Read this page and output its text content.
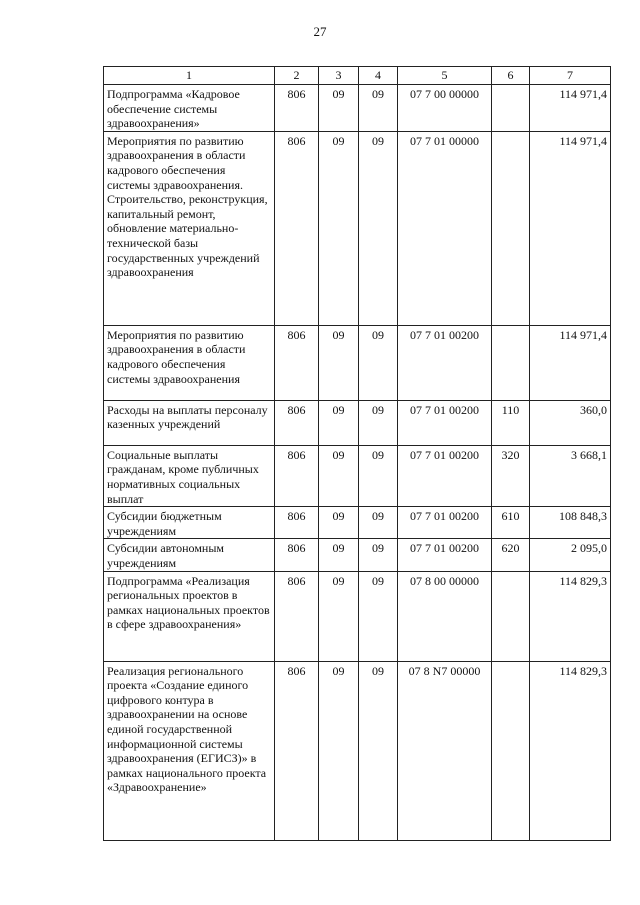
27
1	2	3	4	5	6	7
Подпрограмма «Кадровое обеспечение системы здравоохранения»	806	09	09	07 7 00 00000		114 971,4
Мероприятия по развитию здравоохранения в области кадрового обеспечения системы здравоохранения. Строительство, реконструкция, капитальный ремонт, обновление материально-технической базы государственных учреждений здравоохранения	806	09	09	07 7 01 00000		114 971,4
Мероприятия по развитию здравоохранения в области кадрового обеспечения системы здравоохранения	806	09	09	07 7 01 00200		114 971,4
Расходы на выплаты персоналу казенных учреждений	806	09	09	07 7 01 00200	110	360,0
Социальные выплаты гражданам, кроме публичных нормативных социальных выплат	806	09	09	07 7 01 00200	320	3 668,1
Субсидии бюджетным учреждениям	806	09	09	07 7 01 00200	610	108 848,3
Субсидии автономным учреждениям	806	09	09	07 7 01 00200	620	2 095,0
Подпрограмма «Реализация региональных проектов в рамках национальных проектов в сфере здравоохранения»	806	09	09	07 8 00 00000		114 829,3
Реализация регионального проекта «Создание единого цифрового контура в здравоохранении на основе единой государственной информационной системы здравоохранения (ЕГИСЗ)» в рамках национального проекта «Здравоохранение»	806	09	09	07 8 N7 00000		114 829,3
